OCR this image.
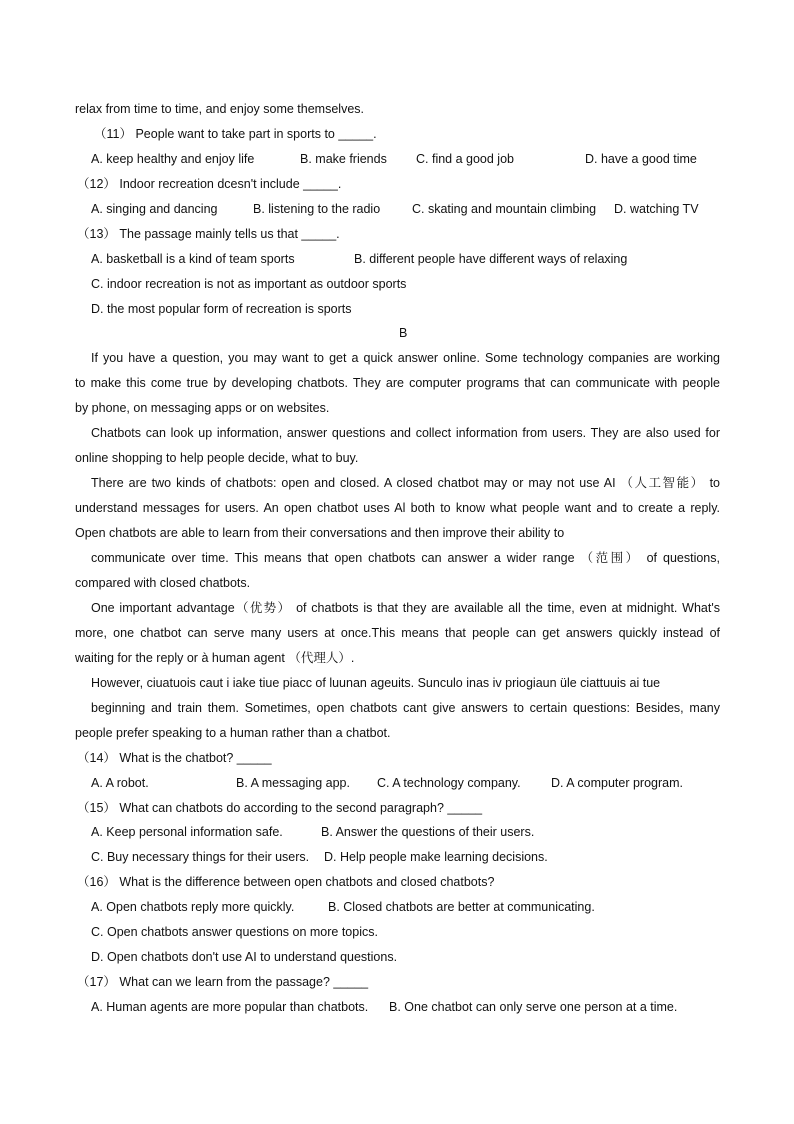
relax from time to time, and enjoy some themselves.
（11） People want to take part in sports to _____.
A. keep healthy and enjoy life	B. make friends C. find a good job	D. have a good time
（12） Indoor recreation dcesn't include _____.
A. singing and dancing	B. listening to the radio	C. skating and mountain climbing D. watching TV
（13） The passage mainly tells us that _____.
A. basketball is a kind of team sports	B. different people have different ways of relaxing
C. indoor recreation is not as important as outdoor sports
D. the most popular form of recreation is sports
B
If you have a question, you may want to get a quick answer online. Some technology companies are working
to make this come true by developing chatbots. They are computer programs that can communicate with people
by phone, on messaging apps or on websites.
Chatbots can look up information, answer questions and collect information from users. They are also used for
online shopping to help people decide, what to buy.
There are two kinds of chatbots: open and closed. A closed chatbot may or may not use AI （人工智能） to
understand messages for users. An open chatbot uses Al both to know what people want and to create a reply.
Open chatbots are able to learn from their conversations and then improve their ability to
communicate over time. This means that open chatbots can answer a wider range （范围） of questions,
compared with closed chatbots.
One important advantage（优势） of chatbots is that they are available all the time, even at midnight. What's
more, one chatbot can serve many users at once.This means that people can get answers quickly instead of
waiting for the reply or à human agent （代理人）.
However, ciuatuois caut i iake tiue piacc of luunan ageuits. Sunculo inas iv priogiaun üle ciattuuis ai tue
beginning and train them. Sometimes, open chatbots cant give answers to certain questions: Besides, many
people prefer speaking to a human rather than a chatbot.
（14） What is the chatbot? _____
A. A robot.	B. A messaging app. C. A technology company. D. A computer program.
（15） What can chatbots do according to the second paragraph? _____
A. Keep personal information safe.	B. Answer the questions of their users.
C. Buy necessary things for their users. D. Help people make learning decisions.
（16） What is the difference between open chatbots and closed chatbots?
A. Open chatbots reply more quickly.	B. Closed chatbots are better at communicating.
C. Open chatbots answer questions on more topics.
D. Open chatbots don't use AI to understand questions.
（17） What can we learn from the passage? _____
A. Human agents are more popular than chatbots. B. One chatbot can only serve one person at a time.
